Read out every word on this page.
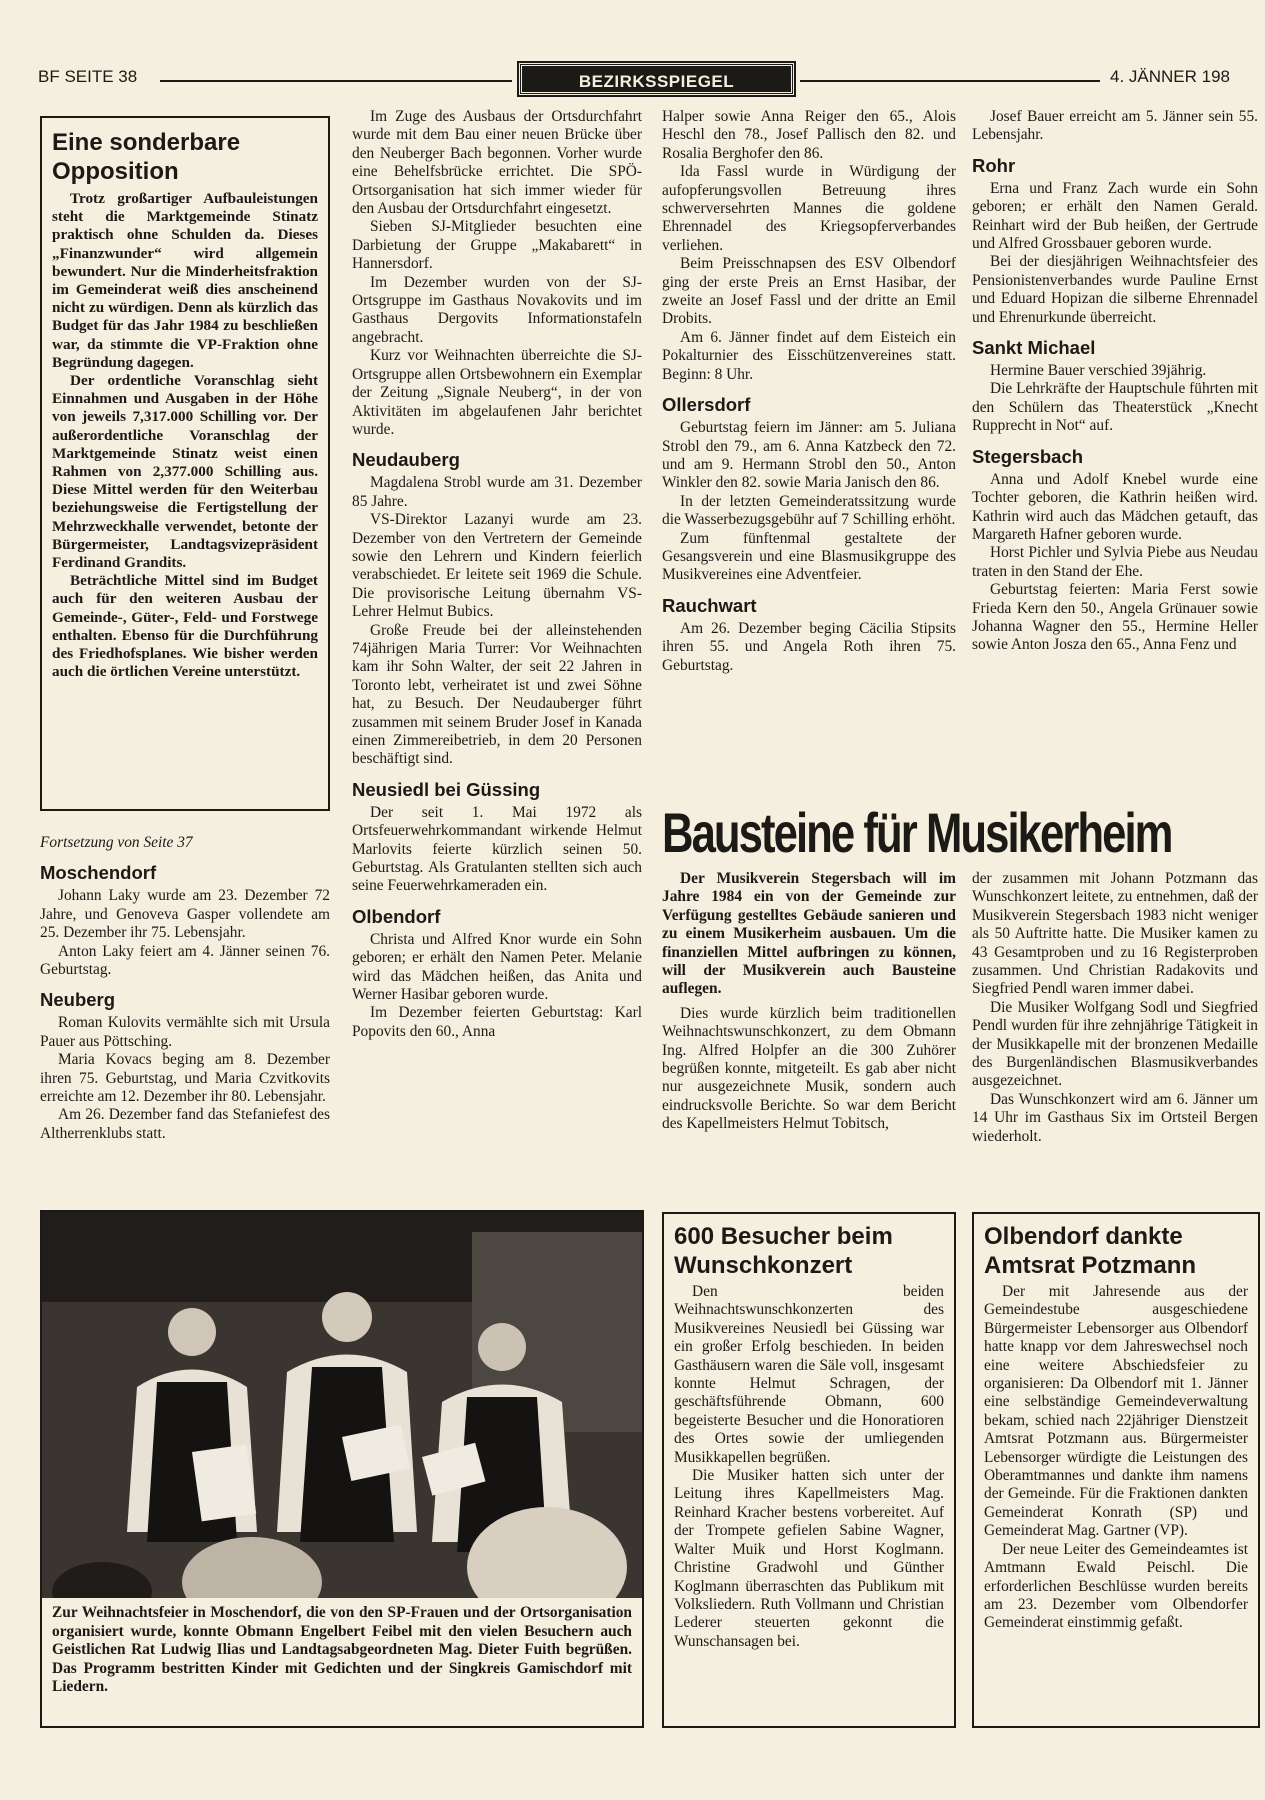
BF SEITE 38	BEZIRKSSPIEGEL	4. JÄNNER 198
Eine sonderbare Opposition

Trotz großartiger Aufbauleistungen steht die Marktgemeinde Stinatz praktisch ohne Schulden da. Dieses „Finanzwunder“ wird allgemein bewundert. Nur die Minderheitsfraktion im Gemeinderat weiß dies anscheinend nicht zu würdigen. Denn als kürzlich das Budget für das Jahr 1984 zu beschließen war, da stimmte die VP-Fraktion ohne Begründung dagegen.

Der ordentliche Voranschlag sieht Einnahmen und Ausgaben in der Höhe von jeweils 7,317.000 Schilling vor. Der außerordentliche Voranschlag der Marktgemeinde Stinatz weist einen Rahmen von 2,377.000 Schilling aus. Diese Mittel werden für den Weiterbau beziehungsweise die Fertigstellung der Mehrzweckhalle verwendet, betonte der Bürgermeister, Landtagsvizepräsident Ferdinand Grandits.

Beträchtliche Mittel sind im Budget auch für den weiteren Ausbau der Gemeinde-, Güter-, Feld- und Forstwege enthalten. Ebenso für die Durchführung des Friedhofsplanes. Wie bisher werden auch die örtlichen Vereine unterstützt.

Fortsetzung von Seite 37

Moschendorf

Johann Laky wurde am 23. Dezember 72 Jahre, und Genoveva Gasper vollendete am 25. Dezember ihr 75. Lebensjahr.

Anton Laky feiert am 4. Jänner seinen 76. Geburtstag.

Neuberg

Roman Kulovits vermählte sich mit Ursula Pauer aus Pöttsching.

Maria Kovacs beging am 8. Dezember ihren 75. Geburtstag, und Maria Czvitkovits erreichte am 12. Dezember ihr 80. Lebensjahr.

Am 26. Dezember fand das Stefaniefest des Altherrenklubs statt.

Im Zuge des Ausbaus der Ortsdurchfahrt wurde mit dem Bau einer neuen Brücke über den Neuberger Bach begonnen. Vorher wurde eine Behelfsbrücke errichtet. Die SPÖ-Ortsorganisation hat sich immer wieder für den Ausbau der Ortsdurchfahrt eingesetzt.

Sieben SJ-Mitglieder besuchten eine Darbietung der Gruppe „Makabarett“ in Hannersdorf.

Im Dezember wurden von der SJ-Ortsgruppe im Gasthaus Novakovits und im Gasthaus Dergovits Informationstafeln angebracht.

Kurz vor Weihnachten überreichte die SJ-Ortsgruppe allen Ortsbewohnern ein Exemplar der Zeitung „Signale Neuberg“, in der von Aktivitäten im abgelaufenen Jahr berichtet wurde.

Neudauberg

Magdalena Strobl wurde am 31. Dezember 85 Jahre.

VS-Direktor Lazanyi wurde am 23. Dezember von den Vertretern der Gemeinde sowie den Lehrern und Kindern feierlich verabschiedet. Er leitete seit 1969 die Schule. Die provisorische Leitung übernahm VS-Lehrer Helmut Bubics.

Große Freude bei der alleinstehenden 74jährigen Maria Turrer: Vor Weihnachten kam ihr Sohn Walter, der seit 22 Jahren in Toronto lebt, verheiratet ist und zwei Söhne hat, zu Besuch. Der Neudauberger führt zusammen mit seinem Bruder Josef in Kanada einen Zimmereibetrieb, in dem 20 Personen beschäftigt sind.

Neusiedl bei Güssing

Der seit 1. Mai 1972 als Ortsfeuerwehrkommandant wirkende Helmut Marlovits feierte kürzlich seinen 50. Geburtstag. Als Gratulanten stellten sich auch seine Feuerwehrkameraden ein.

Olbendorf

Christa und Alfred Knor wurde ein Sohn geboren; er erhält den Namen Peter. Melanie wird das Mädchen heißen, das Anita und Werner Hasibar geboren wurde.

Im Dezember feierten Geburtstag: Karl Popovits den 60., Anna

Halper sowie Anna Reiger den 65., Alois Heschl den 78., Josef Pallisch den 82. und Rosalia Berghofer den 86.

Ida Fassl wurde in Würdigung der aufopferungsvollen Betreuung ihres schwerversehrten Mannes die goldene Ehrennadel des Kriegsopferverbandes verliehen.

Beim Preisschnapsen des ESV Olbendorf ging der erste Preis an Ernst Hasibar, der zweite an Josef Fassl und der dritte an Emil Drobits.

Am 6. Jänner findet auf dem Eisteich ein Pokalturnier des Eisschützenvereines statt. Beginn: 8 Uhr.

Ollersdorf

Geburtstag feiern im Jänner: am 5. Juliana Strobl den 79., am 6. Anna Katzbeck den 72. und am 9. Hermann Strobl den 50., Anton Winkler den 82. sowie Maria Janisch den 86.

In der letzten Gemeinderatssitzung wurde die Wasserbezugsgebühr auf 7 Schilling erhöht.

Zum fünftenmal gestaltete der Gesangsverein und eine Blasmusikgruppe des Musikvereines eine Adventfeier.

Rauchwart

Am 26. Dezember beging Cäcilia Stipsits ihren 55. und Angela Roth ihren 75. Geburtstag.

Josef Bauer erreicht am 5. Jänner sein 55. Lebensjahr.

Rohr

Erna und Franz Zach wurde ein Sohn geboren; er erhält den Namen Gerald. Reinhart wird der Bub heißen, der Gertrude und Alfred Grossbauer geboren wurde.

Bei der diesjährigen Weihnachtsfeier des Pensionistenverbandes wurde Pauline Ernst und Eduard Hopizan die silberne Ehrennadel und Ehrenurkunde überreicht.

Sankt Michael

Hermine Bauer verschied 39jährig.

Die Lehrkräfte der Hauptschule führten mit den Schülern das Theaterstück „Knecht Rupprecht in Not“ auf.

Stegersbach

Anna und Adolf Knebel wurde eine Tochter geboren, die Kathrin heißen wird. Kathrin wird auch das Mädchen getauft, das Margareth Hafner geboren wurde.

Horst Pichler und Sylvia Piebe aus Neudau traten in den Stand der Ehe.

Geburtstag feierten: Maria Ferst sowie Frieda Kern den 50., Angela Grünauer sowie Johanna Wagner den 55., Hermine Heller sowie Anton Josza den 65., Anna Fenz und

Bausteine für Musikerheim

Der Musikverein Stegersbach will im Jahre 1984 ein von der Gemeinde zur Verfügung gestelltes Gebäude sanieren und zu einem Musikerheim ausbauen. Um die finanziellen Mittel aufbringen zu können, will der Musikverein auch Bausteine auflegen.

Dies wurde kürzlich beim traditionellen Weihnachtswunschkonzert, zu dem Obmann Ing. Alfred Holpfer an die 300 Zuhörer begrüßen konnte, mitgeteilt. Es gab aber nicht nur ausgezeichnete Musik, sondern auch eindrucksvolle Berichte. So war dem Bericht des Kapellmeisters Helmut Tobitsch,

der zusammen mit Johann Potzmann das Wunschkonzert leitete, zu entnehmen, daß der Musikverein Stegersbach 1983 nicht weniger als 50 Auftritte hatte. Die Musiker kamen zu 43 Gesamtproben und zu 16 Registerproben zusammen. Und Christian Radakovits und Siegfried Pendl waren immer dabei.

Die Musiker Wolfgang Sodl und Siegfried Pendl wurden für ihre zehnjährige Tätigkeit in der Musikkapelle mit der bronzenen Medaille des Burgenländischen Blasmusikverbandes ausgezeichnet.

Das Wunschkonzert wird am 6. Jänner um 14 Uhr im Gasthaus Six im Ortsteil Bergen wiederholt.

Zur Weihnachtsfeier in Moschendorf, die von den SP-Frauen und der Ortsorganisation organisiert wurde, konnte Obmann Engelbert Feibel mit den vielen Besuchern auch Geistlichen Rat Ludwig Ilias und Landtagsabgeordneten Mag. Dieter Fuith begrüßen. Das Programm bestritten Kinder mit Gedichten und der Singkreis Gamischdorf mit Liedern.
600 Besucher beim Wunschkonzert

Den beiden Weihnachtswunschkonzerten des Musikvereines Neusiedl bei Güssing war ein großer Erfolg beschieden. In beiden Gasthäusern waren die Säle voll, insgesamt konnte Helmut Schragen, der geschäftsführende Obmann, 600 begeisterte Besucher und die Honoratioren des Ortes sowie der umliegenden Musikkapellen begrüßen.

Die Musiker hatten sich unter der Leitung ihres Kapellmeisters Mag. Reinhard Kracher bestens vorbereitet. Auf der Trompete gefielen Sabine Wagner, Walter Muik und Horst Koglmann. Christine Gradwohl und Günther Koglmann überraschten das Publikum mit Volksliedern. Ruth Vollmann und Christian Lederer steuerten gekonnt die Wunschansagen bei.

Olbendorf dankte Amtsrat Potzmann

Der mit Jahresende aus der Gemeindestube ausgeschiedene Bürgermeister Lebensorger aus Olbendorf hatte knapp vor dem Jahreswechsel noch eine weitere Abschiedsfeier zu organisieren: Da Olbendorf mit 1. Jänner eine selbständige Gemeindeverwaltung bekam, schied nach 22jähriger Dienstzeit Amtsrat Potzmann aus. Bürgermeister Lebensorger würdigte die Leistungen des Oberamtmannes und dankte ihm namens der Gemeinde. Für die Fraktionen dankten Gemeinderat Konrath (SP) und Gemeinderat Mag. Gartner (VP).

Der neue Leiter des Gemeindeamtes ist Amtmann Ewald Peischl. Die erforderlichen Beschlüsse wurden bereits am 23. Dezember vom Olbendorfer Gemeinderat einstimmig gefaßt.
